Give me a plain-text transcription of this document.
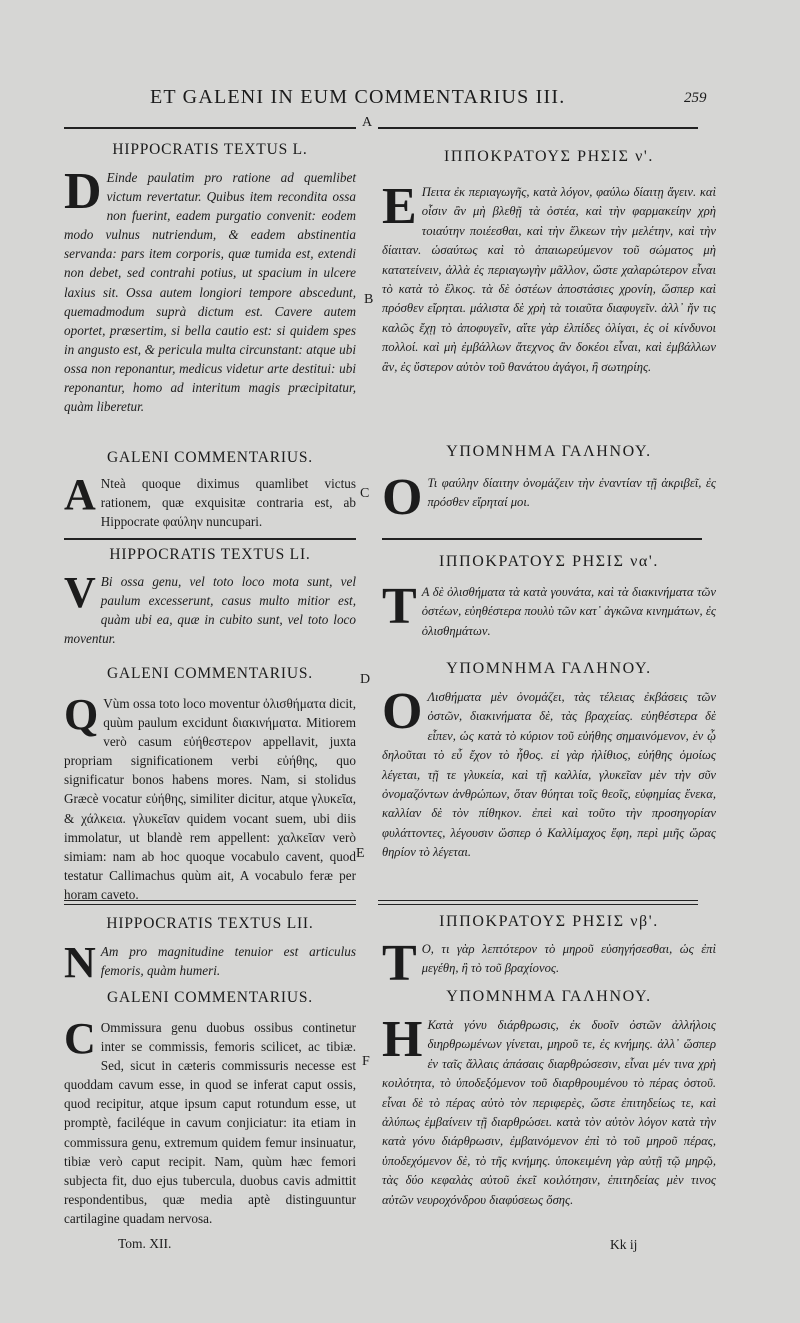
ET GALENI IN EUM COMMENTARIUS III.	259
A
B
C
D
E
F
HIPPOCRATIS TEXTUS L.
D Einde paulatim pro ratione ad quemlibet victum revertatur. Quibus item recondita ossa non fuerint, eadem purgatio convenit: eodem modo vulnus nutriendum, & eadem abstinentia servanda: pars item corporis, quæ tumida est, extendi non debet, sed contrahi potius, ut spacium in ulcere laxius sit. Ossa autem longiori tempore abscedunt, quemadmodum suprà dictum est. Cavere autem oportet, præsertim, si bella cautio est: si quidem spes in angusto est, & pericula multa circunstant: atque ubi ossa non reponantur, medicus videtur arte destitui: ubi reponantur, homo ad interitum magis præcipitatur, quàm liberetur.
GALENI COMMENTARIUS.
A Nteà quoque diximus quamlibet victus rationem, quæ exquisitæ contraria est, ab Hippocrate φαύλην nuncupari.
HIPPOCRATIS TEXTUS LI.
V Bi ossa genu, vel toto loco mota sunt, vel paulum excesserunt, casus multo mitior est, quàm ubi ea, quæ in cubito sunt, vel toto loco moventur.
GALENI COMMENTARIUS.
Q Vùm ossa toto loco moventur ὀλισθήματα dicit, quùm paulum excidunt διακινήματα. Mitiorem verò casum εὐήθεστερον appellavit, juxta propriam significationem verbi εὐήθης, quo significatur bonos habens mores. Nam, si stolidus Græcè vocatur εὐήθης, similiter dicitur, atque γλυκεῖα, & χάλκεια. γλυκεῖαν quidem vocant suem, ubi diis immolatur, ut blandè rem appellent: χαλκεῖαν verò simiam: nam ab hoc quoque vocabulo cavent, quod testatur Callimachus quùm ait, A vocabulo feræ per horam caveto.
HIPPOCRATIS TEXTUS LII.
N Am pro magnitudine tenuior est articulus femoris, quàm humeri.
GALENI COMMENTARIUS.
C Ommissura genu duobus ossibus continetur inter se commissis, femoris scilicet, ac tibiæ. Sed, sicut in cæteris commissuris necesse est quoddam cavum esse, in quod se inferat caput ossis, quod recipitur, atque ipsum caput rotundum esse, ut promptè, faciléque in cavum conjiciatur: ita etiam in commissura genu, extremum quidem femur insinuatur, tibiæ verò caput recipit. Nam, quùm hæc femori subjecta fit, duo ejus tubercula, duobus cavis admittit respondentibus, quæ media aptè distinguuntur cartilagine quadam nervosa.
Tom. XII.
ΙΠΠΟΚΡΑΤΟΥΣ ΡΗΣΙΣ ν'.
E Πειτα ἐκ περιαγωγῆς, κατὰ λόγον, φαύλω δίαιτῃ ἄγειν. καὶ οἷσιν ἂν μὴ βλεθῇ τὰ ὀστέα, καὶ τὴν φαρμακείην χρὴ τοιαύτην ποιέεσθαι, καὶ τὴν ἕλκεων τὴν μελέτην, καὶ τὴν δίαιταν. ὡσαύτως καὶ τὸ ἀπαιωρεύμενον τοῦ σώματος μὴ κατατείνειν, ἀλλὰ ἐς περιαγωγὴν μᾶλλον, ὥστε χαλαρώτερον εἶναι τὸ κατὰ τὸ ἕλκος. τὰ δὲ ὀστέων ἀποστάσιες χρονίη, ὥσπερ καὶ πρόσθεν εἴρηται. μάλιστα δὲ χρὴ τὰ τοιαῦτα διαφυγεῖν. ἀλλ᾽ ἤν τις καλῶς ἔχῃ τὸ ἀποφυγεῖν, αἵτε γὰρ ἐλπίδες ὀλίγαι, ἐς οἱ κίνδυνοι πολλοί. καὶ μὴ ἐμβάλλων ἄτεχνος ἂν δοκέοι εἶναι, καὶ ἐμβάλλων ἂν, ἐς ὕστερον αὐτὸν τοῦ θανάτου ἀγάγοι, ἢ σωτηρίης.
ΥΠΟΜΝΗΜΑ ΓΑΛΗΝΟΥ.
O Τι φαύλην δίαιτην ὀνομάζειν τὴν ἐναντίαν τῇ ἀκριβεῖ, ἐς πρόσθεν εἴρηταί μοι.
ΙΠΠΟΚΡΑΤΟΥΣ ΡΗΣΙΣ να'.
T Α δὲ ὀλισθήματα τὰ κατὰ γουνάτα, καὶ τὰ διακινήματα τῶν ὀστέων, εὐηθέστερα πουλὺ τῶν κατ᾽ ἀγκῶνα κινημάτων, ἐς ὀλισθημάτων.
ΥΠΟΜΝΗΜΑ ΓΑΛΗΝΟΥ.
O Λισθήματα μὲν ὀνομάζει, τὰς τέλειας ἐκβάσεις τῶν ὀστῶν, διακινήματα δὲ, τὰς βραχείας. εὐηθέστερα δὲ εἶπεν, ὡς κατὰ τὸ κύριον τοῦ εὐήθης σημαινόμενον, ἐν ᾧ δηλοῦται τὸ εὖ ἔχον τὸ ἦθος. εἰ γὰρ ἠλίθιος, εὐήθης ὁμοίως λέγεται, τῇ τε γλυκεία, καὶ τῇ καλλία, γλυκεῖαν μὲν τὴν σῦν ὀνομαζόντων ἀνθρώπων, ὅταν θύηται τοῖς θεοῖς, εὐφημίας ἕνεκα, καλλίαν δὲ τὸν πίθηκον. ἐπεὶ καὶ τοῦτο τὴν προσηγορίαν φυλάττοντες, λέγουσιν ὥσπερ ὁ Καλλίμαχος ἔφη, περὶ μιῆς ὥρας θηρίον τὸ λέγεται.
ΙΠΠΟΚΡΑΤΟΥΣ ΡΗΣΙΣ νβ'.
T Ο, τι γὰρ λεπτότερον τὸ μηροῦ εὐσηγήσεσθαι, ὡς ἐπὶ μεγέθη, ἢ τὸ τοῦ βραχίονος.
ΥΠΟΜΝΗΜΑ ΓΑΛΗΝΟΥ.
H Κατὰ γόνυ διάρθρωσις, ἐκ δυοῖν ὀστῶν ἀλλήλοις διηρθρωμένων γίνεται, μηροῦ τε, ἐς κνήμης. ἀλλ᾽ ὥσπερ ἐν ταῖς ἄλλαις ἁπάσαις διαρθρώσεσιν, εἶναι μέν τινα χρὴ κοιλότητα, τὸ ὑποδεξόμενον τοῦ διαρθρουμένου τὸ πέρας ὀστοῦ. εἶναι δὲ τὸ πέρας αὐτὸ τὸν περιφερὲς, ὥστε ἐπιτηδείως τε, καὶ ἀλύπως ἐμβαίνειν τῇ διαρθρώσει. κατὰ τὸν αὐτὸν λόγον κατὰ τὴν κατὰ γόνυ διάρθρωσιν, ἐμβαινόμενον ἐπὶ τὸ τοῦ μηροῦ πέρας, ὑποδεχόμενον δὲ, τὸ τῆς κνήμης. ὑποκειμένη γὰρ αὐτῇ τῷ μηρῷ, τὰς δύο κεφαλὰς αὐτοῦ ἐκεῖ κοιλότησιν, ἐπιτηδείας μὲν τινος αὐτῶν νευροχόνδρου διαφύσεως ὅσης.
Kk ij
